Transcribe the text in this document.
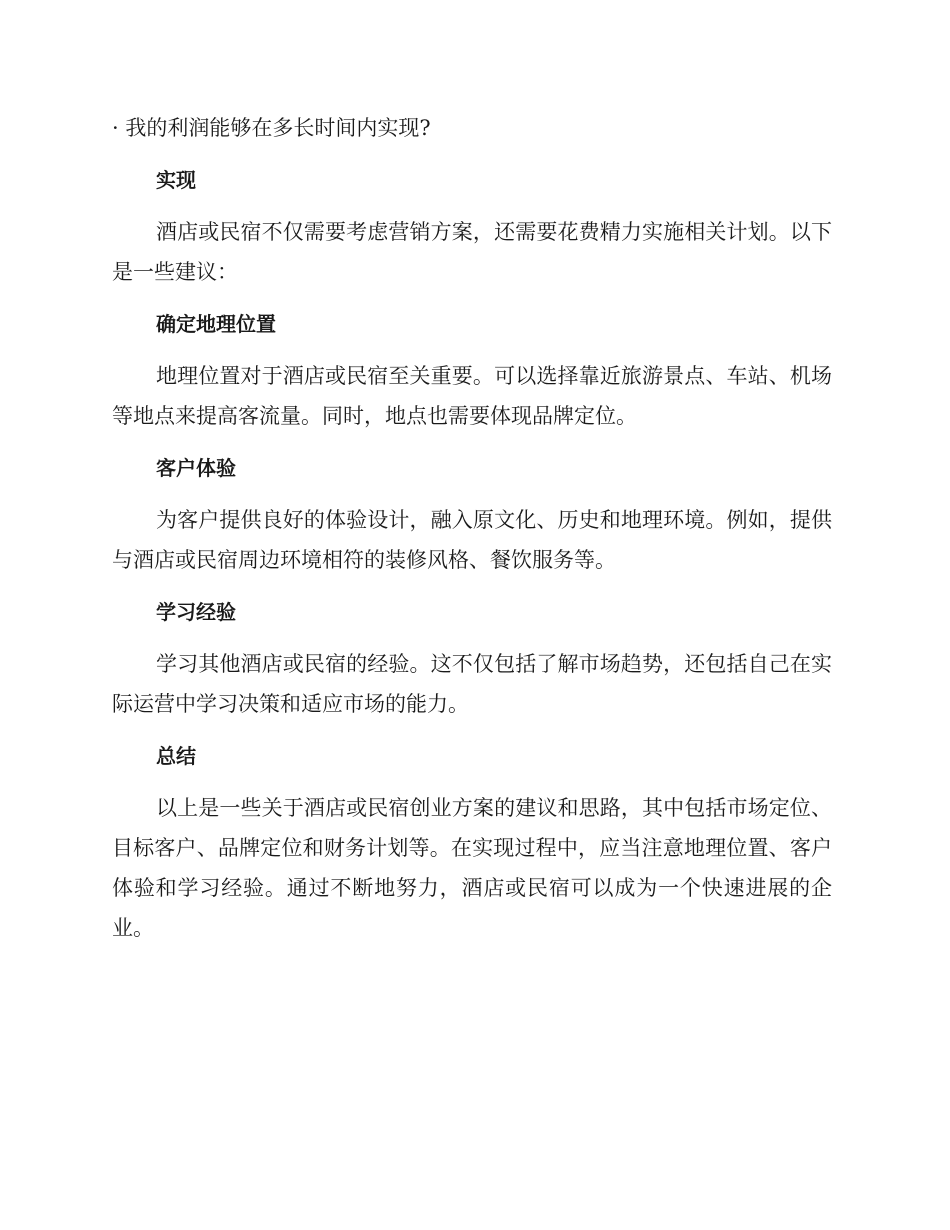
· 我的利润能够在多长时间内实现?

实现

酒店或民宿不仅需要考虑营销方案，还需要花费精力实施相关计划。以下是一些建议：

确定地理位置

地理位置对于酒店或民宿至关重要。可以选择靠近旅游景点、车站、机场等地点来提高客流量。同时，地点也需要体现品牌定位。

客户体验

为客户提供良好的体验设计，融入原文化、历史和地理环境。例如，提供与酒店或民宿周边环境相符的装修风格、餐饮服务等。

学习经验

学习其他酒店或民宿的经验。这不仅包括了解市场趋势，还包括自己在实际运营中学习决策和适应市场的能力。

总结

以上是一些关于酒店或民宿创业方案的建议和思路，其中包括市场定位、目标客户、品牌定位和财务计划等。在实现过程中，应当注意地理位置、客户体验和学习经验。通过不断地努力，酒店或民宿可以成为一个快速进展的企业。
